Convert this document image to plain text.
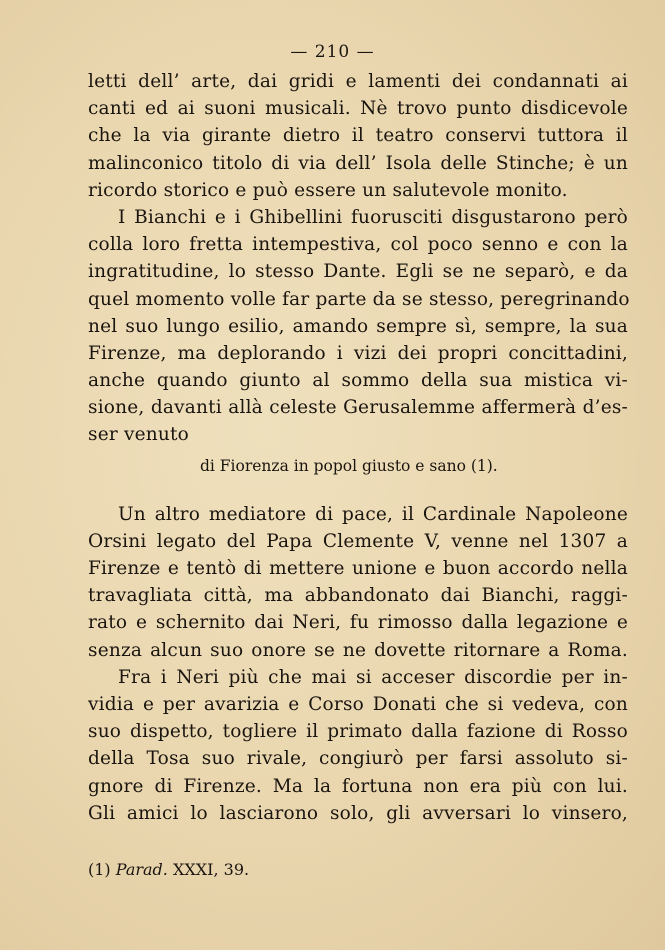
— 210 —
letti dell’ arte, dai gridi e lamenti dei condannati ai
canti ed ai suoni musicali. Nè trovo punto disdicevole
che la via girante dietro il teatro conservi tuttora il
malinconico titolo di via dell’ Isola delle Stinche; è un
ricordo storico e può essere un salutevole monito.
I Bianchi e i Ghibellini fuorusciti disgustarono però
colla loro fretta intempestiva, col poco senno e con la
ingratitudine, lo stesso Dante. Egli se ne separò, e da
quel momento volle far parte da se stesso, peregrinando
nel suo lungo esilio, amando sempre sì, sempre, la sua
Firenze, ma deplorando i vizi dei propri concittadini,
anche quando giunto al sommo della sua mistica vi-
sione, davanti allà celeste Gerusalemme affermerà d’es-
ser venuto
di Fiorenza in popol giusto e sano (1).
Un altro mediatore di pace, il Cardinale Napoleone
Orsini legato del Papa Clemente V, venne nel 1307 a
Firenze e tentò di mettere unione e buon accordo nella
travagliata città, ma abbandonato dai Bianchi, raggi-
rato e schernito dai Neri, fu rimosso dalla legazione e
senza alcun suo onore se ne dovette ritornare a Roma.
Fra i Neri più che mai si acceser discordie per in-
vidia e per avarizia e Corso Donati che si vedeva, con
suo dispetto, togliere il primato dalla fazione di Rosso
della Tosa suo rivale, congiurò per farsi assoluto si-
gnore di Firenze. Ma la fortuna non era più con lui.
Gli amici lo lasciarono solo, gli avversari lo vinsero,
(1) Parad. XXXI, 39.
